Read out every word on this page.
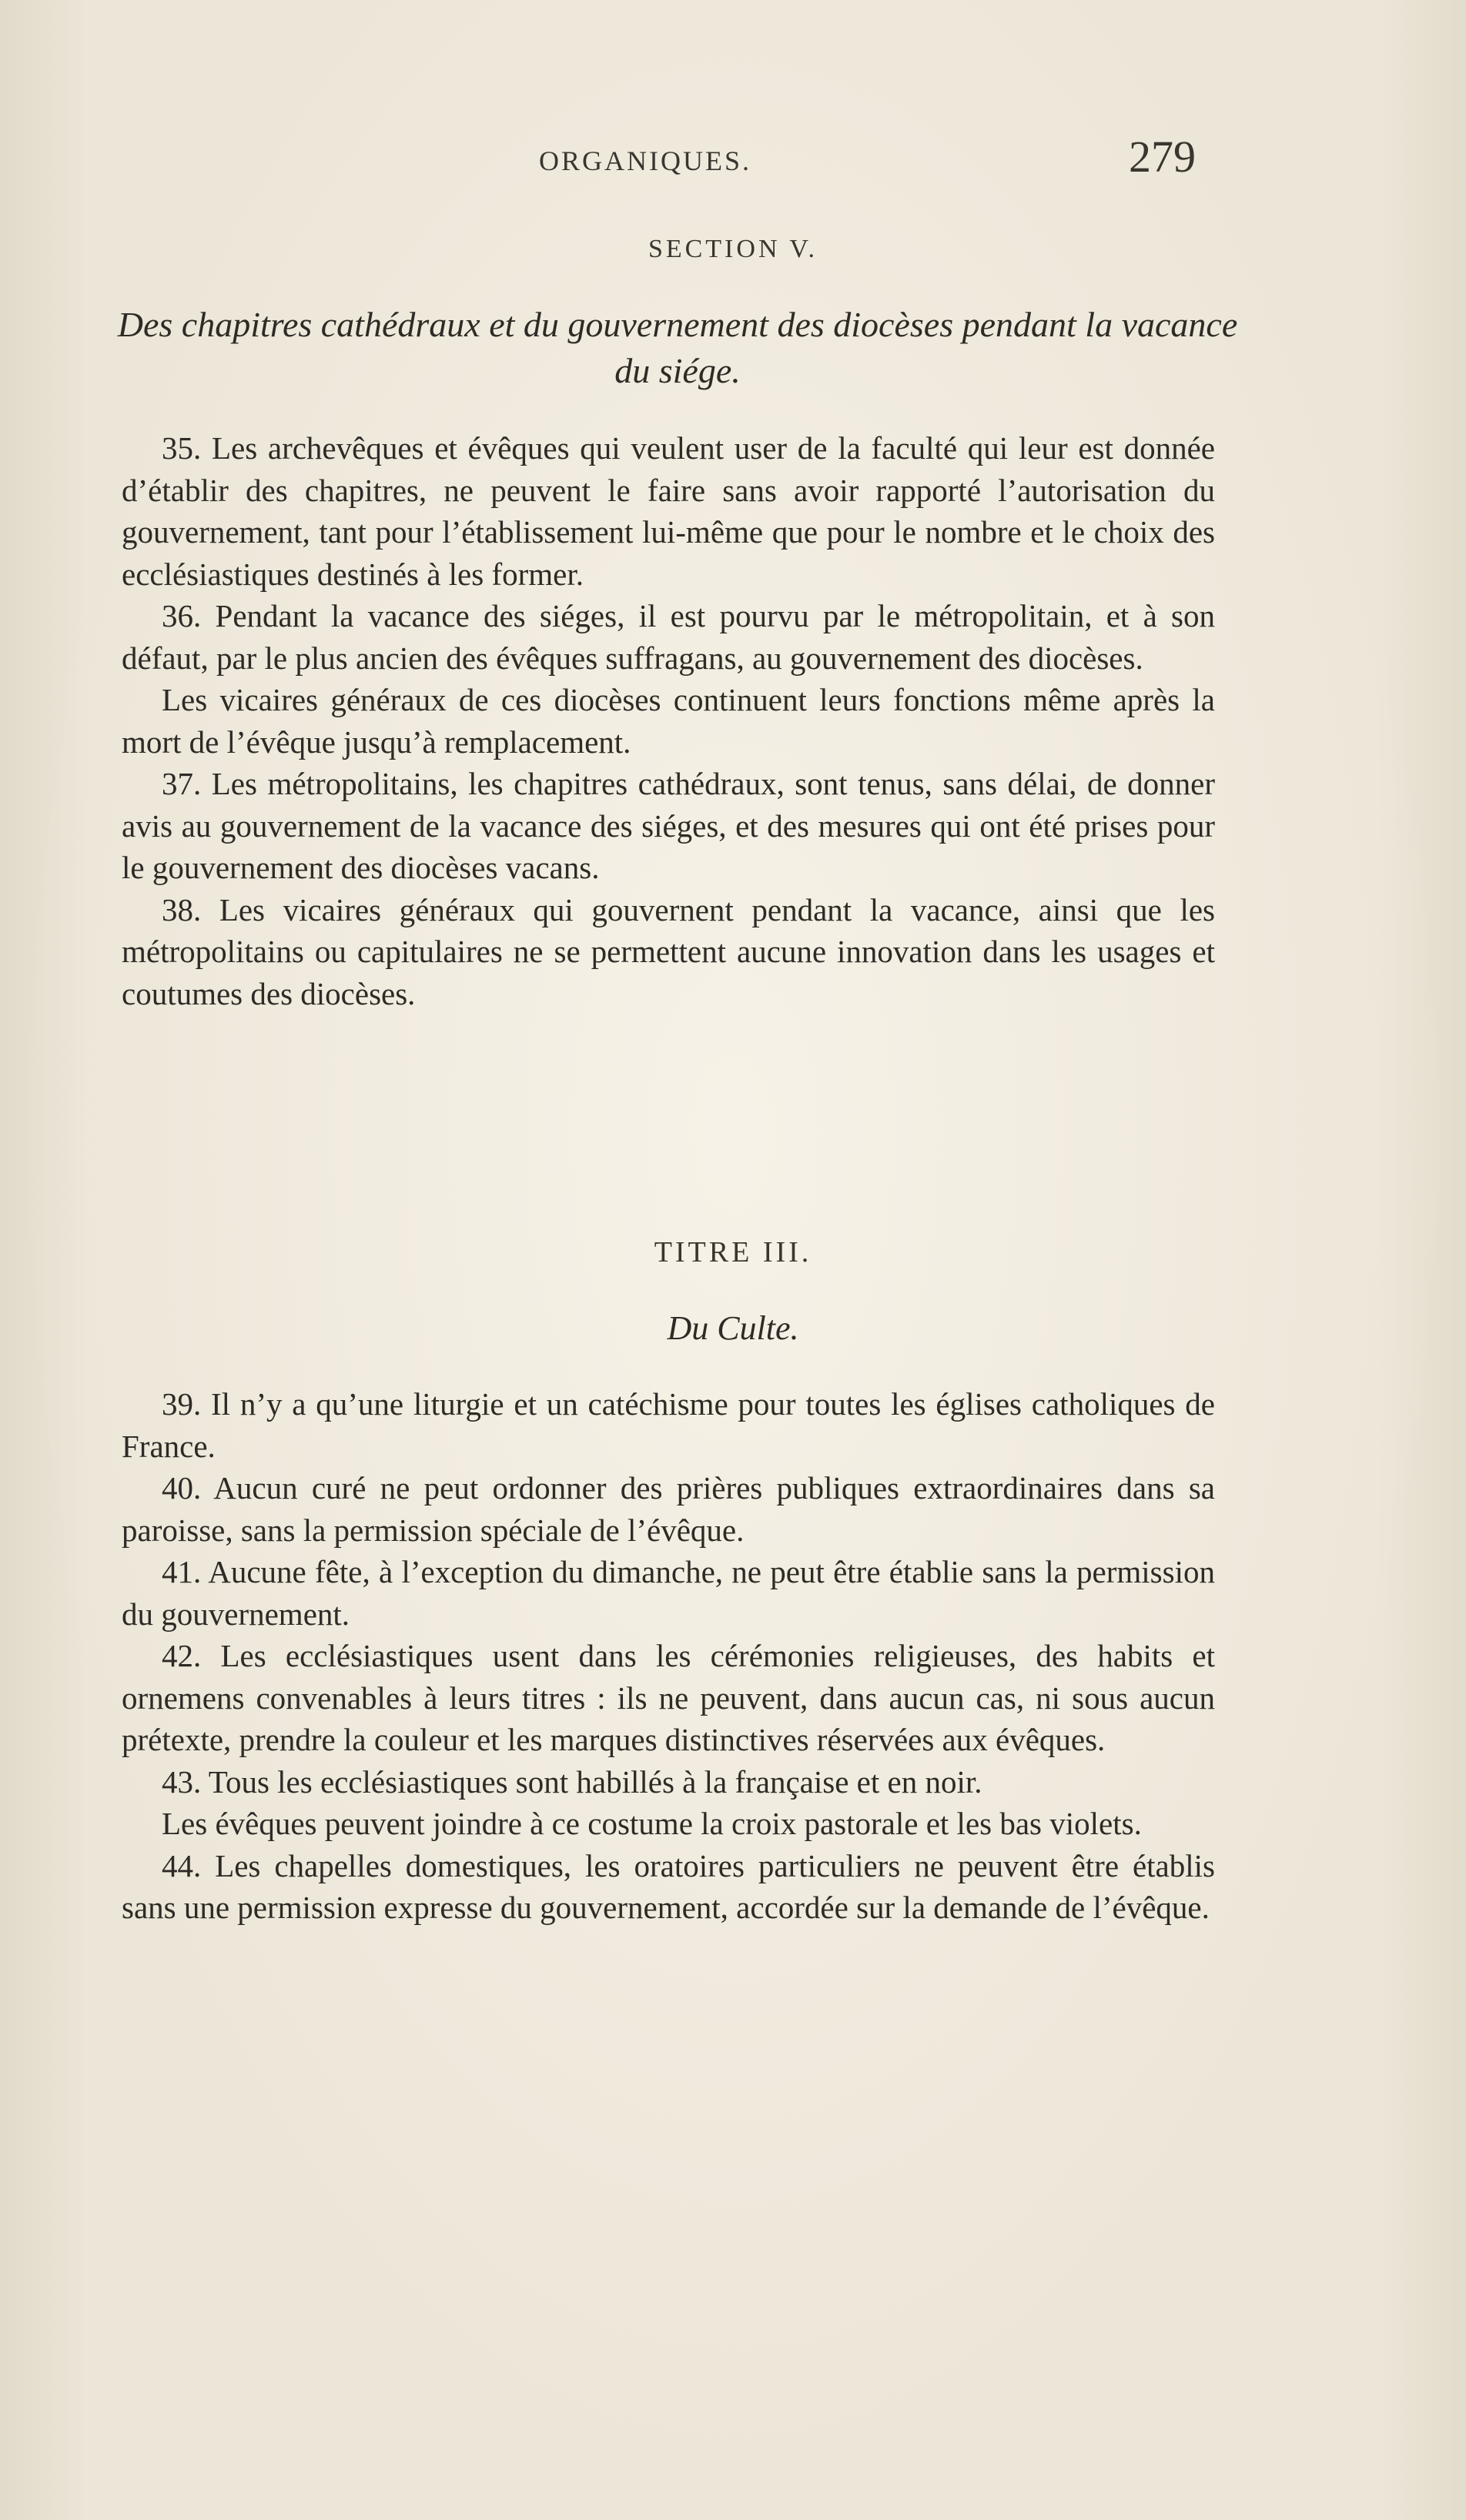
ORGANIQUES.	279
SECTION V.
Des chapitres cathédraux et du gouvernement des diocèses pendant la vacance du siége.

35. Les archevêques et évêques qui veulent user de la faculté qui leur est donnée d’établir des chapitres, ne peuvent le faire sans avoir rapporté l’autorisation du gouvernement, tant pour l’établissement lui-même que pour le nombre et le choix des ecclésiastiques destinés à les former.

36. Pendant la vacance des siéges, il est pourvu par le métropolitain, et à son défaut, par le plus ancien des évêques suffragans, au gouvernement des diocèses.

Les vicaires généraux de ces diocèses continuent leurs fonctions même après la mort de l’évêque jusqu’à remplacement.

37. Les métropolitains, les chapitres cathédraux, sont tenus, sans délai, de donner avis au gouvernement de la vacance des siéges, et des mesures qui ont été prises pour le gouvernement des diocèses vacans.

38. Les vicaires généraux qui gouvernent pendant la vacance, ainsi que les métropolitains ou capitulaires ne se permettent aucune innovation dans les usages et coutumes des diocèses.

TITRE III.
Du Culte.

39. Il n’y a qu’une liturgie et un catéchisme pour toutes les églises catholiques de France.

40. Aucun curé ne peut ordonner des prières publiques extraordinaires dans sa paroisse, sans la permission spéciale de l’évêque.

41. Aucune fête, à l’exception du dimanche, ne peut être établie sans la permission du gouvernement.

42. Les ecclésiastiques usent dans les cérémonies religieuses, des habits et ornemens convenables à leurs titres : ils ne peuvent, dans aucun cas, ni sous aucun prétexte, prendre la couleur et les marques distinctives réservées aux évêques.

43. Tous les ecclésiastiques sont habillés à la française et en noir.

Les évêques peuvent joindre à ce costume la croix pastorale et les bas violets.

44. Les chapelles domestiques, les oratoires particuliers ne peuvent être établis sans une permission expresse du gouvernement, accordée sur la demande de l’évêque.
